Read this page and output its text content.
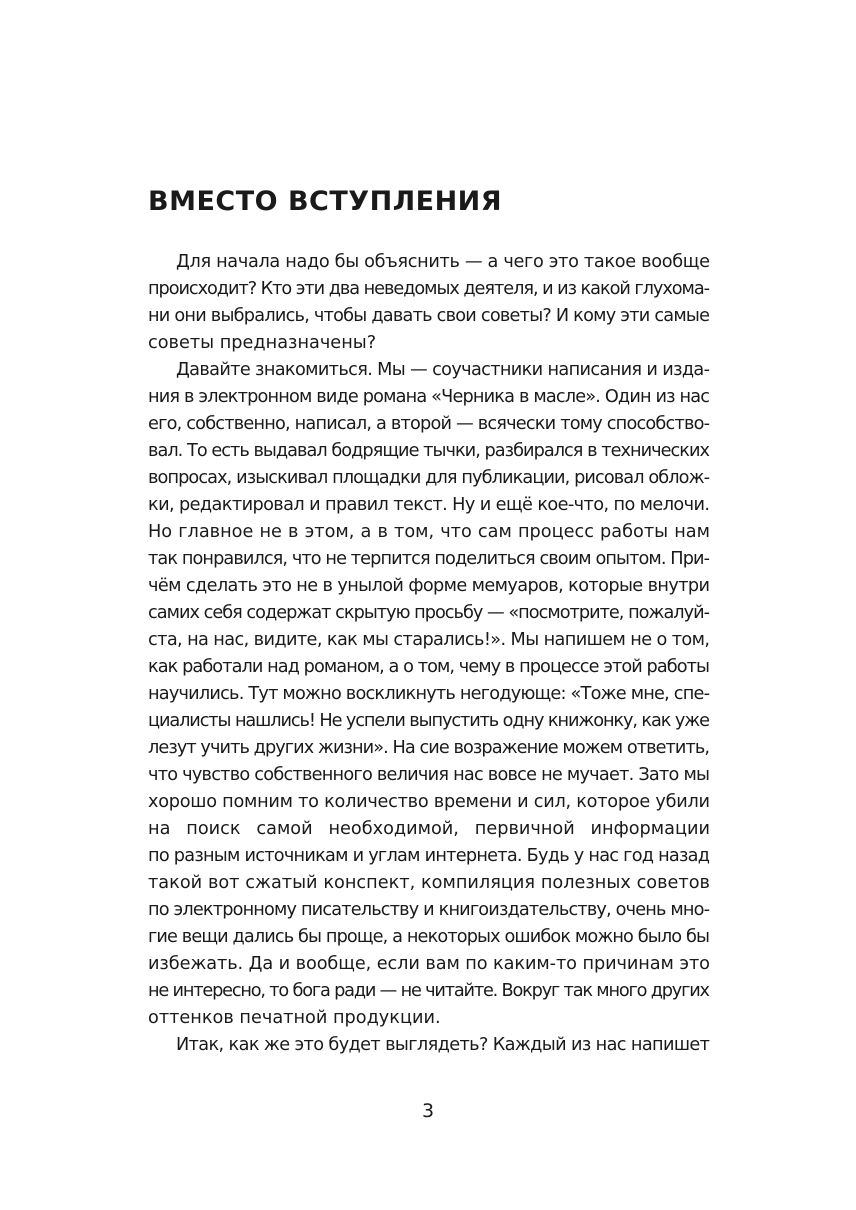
ВМЕСТО ВСТУПЛЕНИЯ
Для начала надо бы объяснить — а чего это такое вообще
происходит? Кто эти два неведомых деятеля, и из какой глухома-
ни они выбрались, чтобы давать свои советы? И кому эти самые
советы предназначены?
Давайте знакомиться. Мы — соучастники написания и изда-
ния в электронном виде романа «Черника в масле». Один из нас
его, собственно, написал, а второй — всячески тому способство-
вал. То есть выдавал бодрящие тычки, разбирался в технических
вопросах, изыскивал площадки для публикации, рисовал облож-
ки, редактировал и правил текст. Ну и ещё кое-что, по мелочи.
Но главное не в этом, а в том, что сам процесс работы нам
так понравился, что не терпится поделиться своим опытом. При-
чём сделать это не в унылой форме мемуаров, которые внутри
самих себя содержат скрытую просьбу — «посмотрите, пожалуй-
ста, на нас, видите, как мы старались!». Мы напишем не о том,
как работали над романом, а о том, чему в процессе этой работы
научились. Тут можно воскликнуть негодующе: «Тоже мне, спе-
циалисты нашлись! Не успели выпустить одну книжонку, как уже
лезут учить других жизни». На сие возражение можем ответить,
что чувство собственного величия нас вовсе не мучает. Зато мы
хорошо помним то количество времени и сил, которое убили
на поиск самой необходимой, первичной информации
по разным источникам и углам интернета. Будь у нас год назад
такой вот сжатый конспект, компиляция полезных советов
по электронному писательству и книгоиздательству, очень мно-
гие вещи дались бы проще, а некоторых ошибок можно было бы
избежать. Да и вообще, если вам по каким-то причинам это
не интересно, то бога ради — не читайте. Вокруг так много других
оттенков печатной продукции.
Итак, как же это будет выглядеть? Каждый из нас напишет
3
